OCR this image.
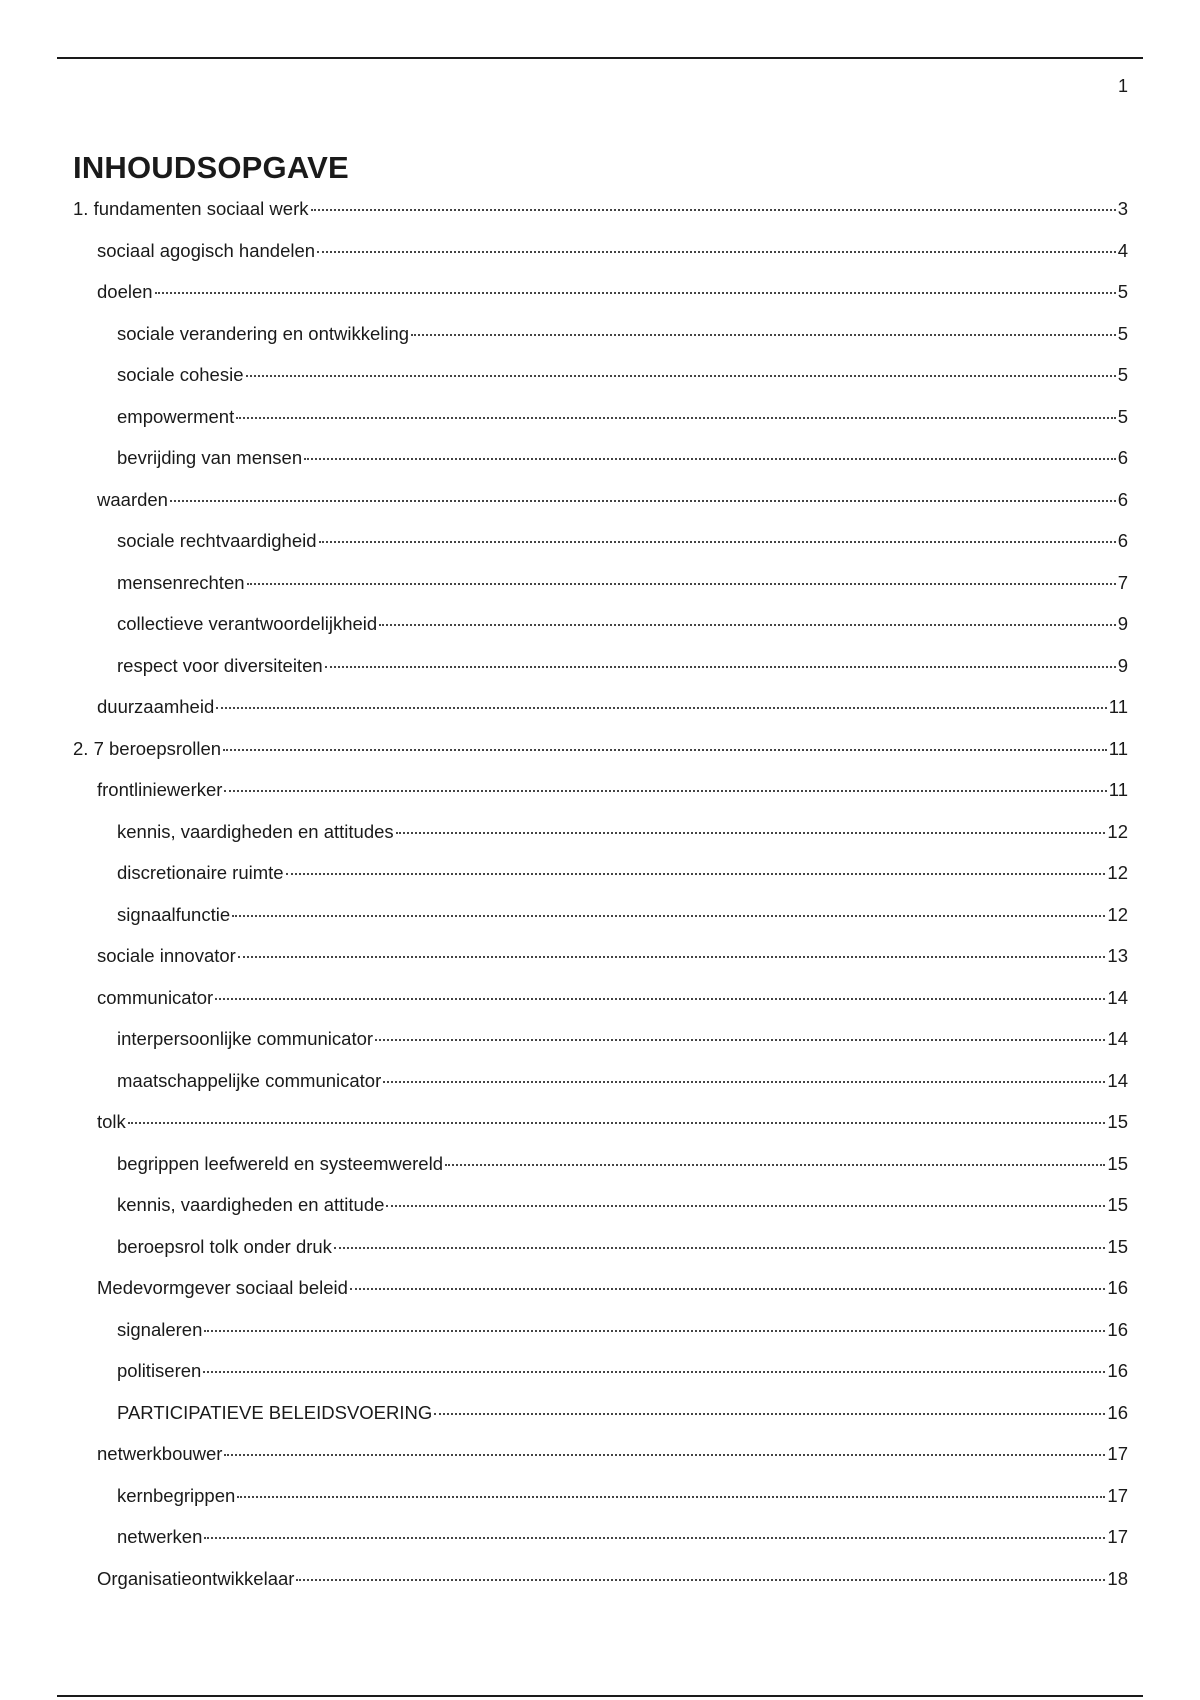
1
INHOUDSOPGAVE
1. fundamenten sociaal werk	3
sociaal agogisch handelen	4
doelen	5
sociale verandering en ontwikkeling	5
sociale cohesie	5
empowerment	5
bevrijding van mensen	6
waarden	6
sociale rechtvaardigheid	6
mensenrechten	7
collectieve verantwoordelijkheid	9
respect voor diversiteiten	9
duurzaamheid	11
2. 7 beroepsrollen	11
frontliniewerker	11
kennis, vaardigheden en attitudes	12
discretionaire ruimte	12
signaalfunctie	12
sociale innovator	13
communicator	14
interpersoonlijke communicator	14
maatschappelijke communicator	14
tolk	15
begrippen leefwereld en systeemwereld	15
kennis, vaardigheden en attitude	15
beroepsrol tolk onder druk	15
Medevormgever sociaal beleid	16
signaleren	16
politiseren	16
PARTICIPATIEVE BELEIDSVOERING	16
netwerkbouwer	17
kernbegrippen	17
netwerken	17
Organisatieontwikkelaar	18
